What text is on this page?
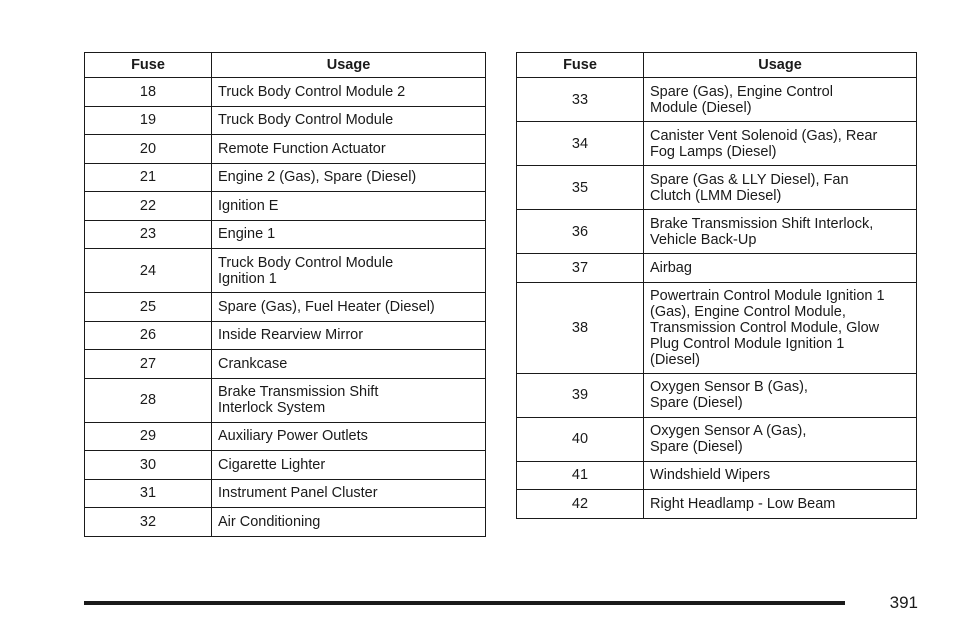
Fuse	Usage
18	Truck Body Control Module 2
19	Truck Body Control Module
20	Remote Function Actuator
21	Engine 2 (Gas), Spare (Diesel)
22	Ignition E
23	Engine 1
24	Truck Body Control Module
Ignition 1
25	Spare (Gas), Fuel Heater (Diesel)
26	Inside Rearview Mirror
27	Crankcase
28	Brake Transmission Shift
Interlock System
29	Auxiliary Power Outlets
30	Cigarette Lighter
31	Instrument Panel Cluster
32	Air Conditioning
Fuse	Usage
33	Spare (Gas), Engine Control
Module (Diesel)
34	Canister Vent Solenoid (Gas), Rear
Fog Lamps (Diesel)
35	Spare (Gas & LLY Diesel), Fan
Clutch (LMM Diesel)
36	Brake Transmission Shift Interlock,
Vehicle Back-Up
37	Airbag
38	Powertrain Control Module Ignition 1
(Gas), Engine Control Module,
Transmission Control Module, Glow
Plug Control Module Ignition 1
(Diesel)
39	Oxygen Sensor B (Gas),
Spare (Diesel)
40	Oxygen Sensor A (Gas),
Spare (Diesel)
41	Windshield Wipers
42	Right Headlamp - Low Beam
391
